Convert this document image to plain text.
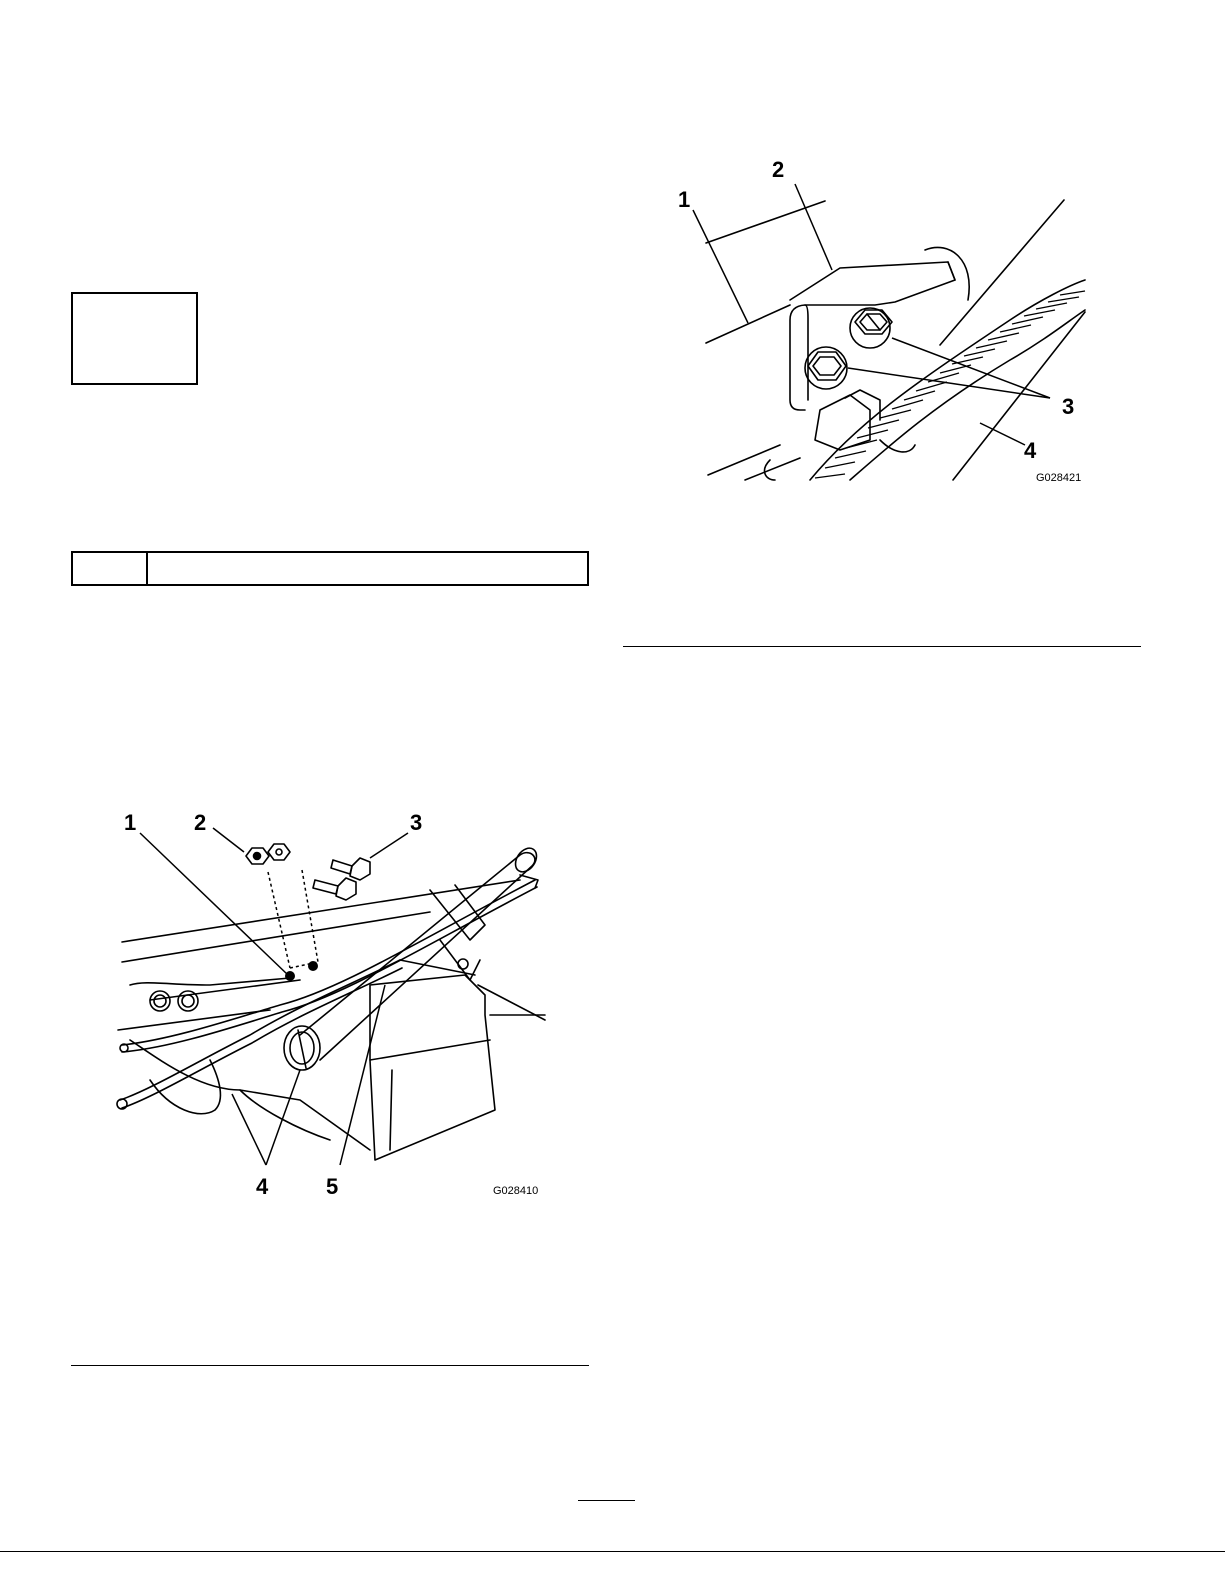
1
2
3
4
G028421
1	2	3
4	5	G028410
